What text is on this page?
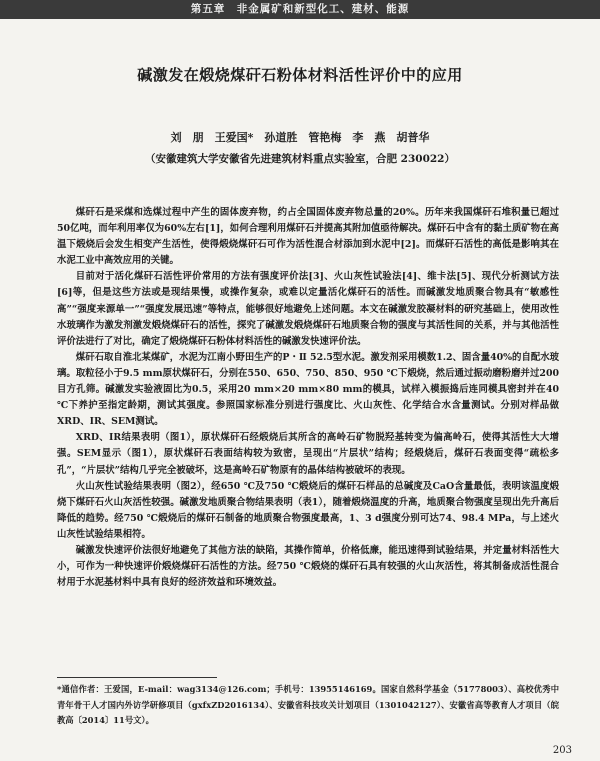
第五章　非金属矿和新型化工、建材、能源
碱激发在煅烧煤矸石粉体材料活性评价中的应用
刘　朋　王爱国*　孙道胜　管艳梅　李　燕　胡普华
（安徽建筑大学安徽省先进建筑材料重点实验室，合肥 230022）

煤矸石是采煤和选煤过程中产生的固体废弃物，约占全国固体废弃物总量的20%。历年来我国煤矸石堆积量已超过50亿吨，而年利用率仅为60%左右[1]，如何合理利用煤矸石并提高其附加值亟待解决。煤矸石中含有的黏土质矿物在高温下煅烧后会发生相变产生活性，使得煅烧煤矸石可作为活性混合材添加到水泥中[2]。而煤矸石活性的高低是影响其在水泥工业中高效应用的关键。

目前对于活化煤矸石活性评价常用的方法有强度评价法[3]、火山灰性试验法[4]、维卡法[5]、现代分析测试方法[6]等，但是这些方法或是现结果慢，或操作复杂，或难以定量活化煤矸石的活性。而碱激发地质聚合物具有“敏感性高”“强度来源单一”“强度发展迅速”等特点，能够很好地避免上述问题。本文在碱激发胶凝材料的研究基础上，使用改性水玻璃作为激发剂激发煅烧煤矸石的活性，探究了碱激发煅烧煤矸石地质聚合物的强度与其活性间的关系，并与其他活性评价法进行了对比，确定了煅烧煤矸石粉体材料活性的碱激发快速评价法。

煤矸石取自淮北某煤矿，水泥为江南小野田生产的P・Ⅱ 52.5型水泥。激发剂采用模数1.2、固含量40%的自配水玻璃。取粒径小于9.5 mm原状煤矸石，分别在550、650、750、850、950 ℃下煅烧，然后通过振动磨粉磨并过200目方孔筛。碱激发实验液固比为0.5，采用20 mm×20 mm×80 mm的模具，试样入模振捣后连同模具密封并在40 ℃下养护至指定龄期，测试其强度。参照国家标准分别进行强度比、火山灰性、化学结合水含量测试。分别对样品做XRD、IR、SEM测试。

XRD、IR结果表明（图1），原状煤矸石经煅烧后其所含的高岭石矿物脱羟基转变为偏高岭石，使得其活性大大增强。SEM显示（图1），原状煤矸石表面结构较为致密，呈现出“片层状”结构；经煅烧后，煤矸石表面变得“疏松多孔”，“片层状”结构几乎完全被破坏，这是高岭石矿物原有的晶体结构被破坏的表现。

火山灰性试验结果表明（图2），经650 ℃及750 ℃煅烧后的煤矸石样品的总碱度及CaO含量最低，表明该温度煅烧下煤矸石火山灰活性较强。碱激发地质聚合物结果表明（表1），随着煅烧温度的升高，地质聚合物强度呈现出先升高后降低的趋势。经750 ℃煅烧后的煤矸石制备的地质聚合物强度最高，1、3 d强度分别可达74、98.4 MPa，与上述火山灰性试验结果相符。

碱激发快速评价法很好地避免了其他方法的缺陷，其操作简单，价格低廉，能迅速得到试验结果，并定量材料活性大小，可作为一种快速评价煅烧煤矸石活性的方法。经750 ℃煅烧的煤矸石具有较强的火山灰活性，将其制备成活性混合材用于水泥基材料中具有良好的经济效益和环境效益。

*通信作者：王爱国，E-mail：wag3134@126.com；手机号：13955146169。国家自然科学基金（51778003）、高校优秀中青年骨干人才国内外访学研修项目（gxfxZD2016134）、安徽省科技攻关计划项目（1301042127）、安徽省高等教育人才项目（皖教高〔2014〕11号文）。
203
